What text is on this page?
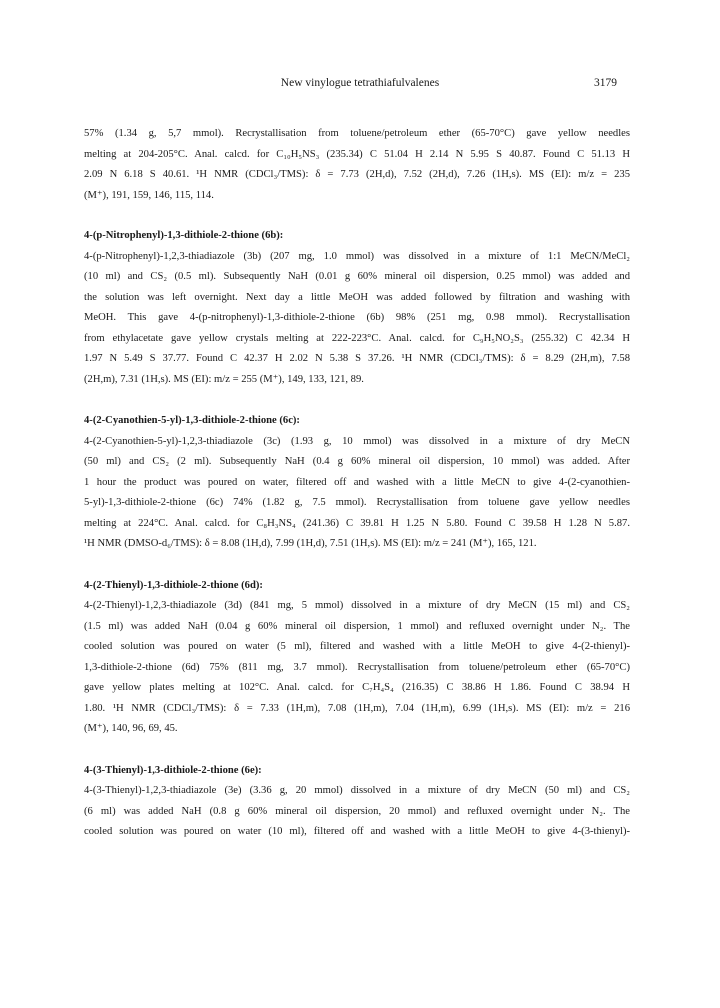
New vinylogue tetrathiafulvalenes	3179
57% (1.34 g, 5,7 mmol). Recrystallisation from toluene/petroleum ether (65-70°C) gave yellow needles
melting at 204-205°C. Anal. calcd. for C₁₀H₅NS₃ (235.34) C 51.04 H 2.14 N 5.95 S 40.87. Found C 51.13 H
2.09 N 6.18 S 40.61. ¹H NMR (CDCl₃/TMS): δ = 7.73 (2H,d), 7.52 (2H,d), 7.26 (1H,s). MS (EI): m/z = 235
(M⁺), 191, 159, 146, 115, 114.
4-(p-Nitrophenyl)-1,3-dithiole-2-thione (6b):
4-(p-Nitrophenyl)-1,2,3-thiadiazole (3b) (207 mg, 1.0 mmol) was dissolved in a mixture of 1:1 MeCN/MeCl₂
(10 ml) and CS₂ (0.5 ml). Subsequently NaH (0.01 g 60% mineral oil dispersion, 0.25 mmol) was added and
the solution was left overnight. Next day a little MeOH was added followed by filtration and washing with
MeOH. This gave 4-(p-nitrophenyl)-1,3-dithiole-2-thione (6b) 98% (251 mg, 0.98 mmol). Recrystallisation
from ethylacetate gave yellow crystals melting at 222-223°C. Anal. calcd. for C₉H₅NO₂S₃ (255.32) C 42.34 H
1.97 N 5.49 S 37.77. Found C 42.37 H 2.02 N 5.38 S 37.26. ¹H NMR (CDCl₃/TMS): δ = 8.29 (2H,m), 7.58
(2H,m), 7.31 (1H,s). MS (EI): m/z = 255 (M⁺), 149, 133, 121, 89.
4-(2-Cyanothien-5-yl)-1,3-dithiole-2-thione (6c):
4-(2-Cyanothien-5-yl)-1,2,3-thiadiazole (3c) (1.93 g, 10 mmol) was dissolved in a mixture of dry MeCN
(50 ml) and CS₂ (2 ml). Subsequently NaH (0.4 g 60% mineral oil dispersion, 10 mmol) was added. After
1 hour the product was poured on water, filtered off and washed with a little MeCN to give 4-(2-cyanothien-
5-yl)-1,3-dithiole-2-thione (6c) 74% (1.82 g, 7.5 mmol). Recrystallisation from toluene gave yellow needles
melting at 224°C. Anal. calcd. for C₈H₃NS₄ (241.36) C 39.81 H 1.25 N 5.80. Found C 39.58 H 1.28 N 5.87.
¹H NMR (DMSO-d₆/TMS): δ = 8.08 (1H,d), 7.99 (1H,d), 7.51 (1H,s). MS (EI): m/z = 241 (M⁺), 165, 121.
4-(2-Thienyl)-1,3-dithiole-2-thione (6d):
4-(2-Thienyl)-1,2,3-thiadiazole (3d) (841 mg, 5 mmol) dissolved in a mixture of dry MeCN (15 ml) and CS₂
(1.5 ml) was added NaH (0.04 g 60% mineral oil dispersion, 1 mmol) and refluxed overnight under N₂. The
cooled solution was poured on water (5 ml), filtered and washed with a little MeOH to give 4-(2-thienyl)-
1,3-dithiole-2-thione (6d) 75% (811 mg, 3.7 mmol). Recrystallisation from toluene/petroleum ether (65-70°C)
gave yellow plates melting at 102°C. Anal. calcd. for C₇H₄S₄ (216.35) C 38.86 H 1.86. Found C 38.94 H
1.80. ¹H NMR (CDCl₃/TMS): δ = 7.33 (1H,m), 7.08 (1H,m), 7.04 (1H,m), 6.99 (1H,s). MS (EI): m/z = 216
(M⁺), 140, 96, 69, 45.
4-(3-Thienyl)-1,3-dithiole-2-thione (6e):
4-(3-Thienyl)-1,2,3-thiadiazole (3e) (3.36 g, 20 mmol) dissolved in a mixture of dry MeCN (50 ml) and CS₂
(6 ml) was added NaH (0.8 g 60% mineral oil dispersion, 20 mmol) and refluxed overnight under N₂. The
cooled solution was poured on water (10 ml), filtered off and washed with a little MeOH to give 4-(3-thienyl)-
